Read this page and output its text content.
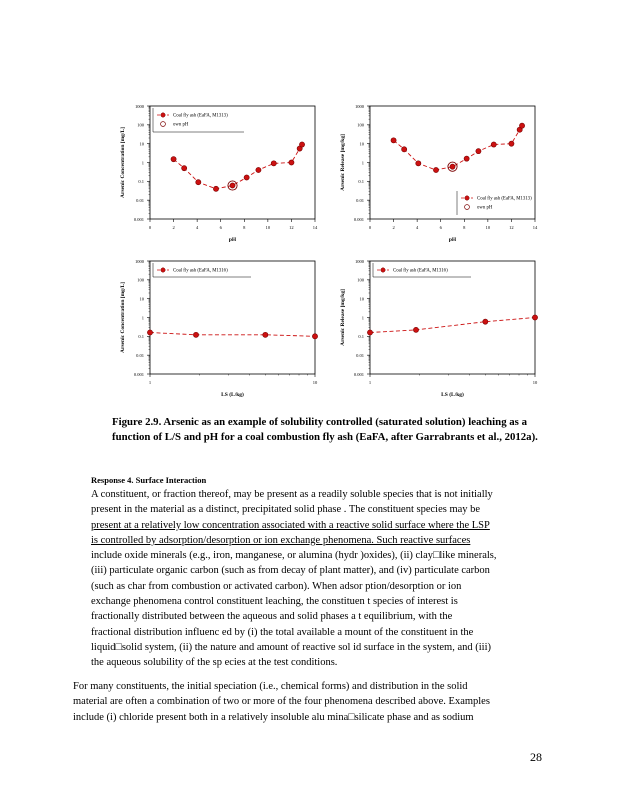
0.001
0.01
0.1
1
10
100
1000
0	2	4	6	8	10	12	14
pH
Arsenic Concentration [mg/L]
Coal fly ash (EaFA, M1313)
own pH
0.001
0.01
0.1
1
10
100
1000
0	2	4	6	8	10	12	14
pH
Arsenic Release [mg/kg]
Coal fly ash (EaFA, M1313)
own pH
0.001
0.01
0.1
1
10
100
1000
1	10
LS (L/kg)
Arsenic Concentration [mg/L]
Coal fly ash (EaFA, M1316)
0.001
0.01
0.1
1
10
100
1000
1	10
LS (L/kg)
Arsenic Release [mg/kg]
Coal fly ash (EaFA, M1316)

Figure 2.9. Arsenic as an example of solubility controlled (saturated solution) leaching as a

function of L/S and pH for a coal combustion fly ash (EaFA, after Garrabrants et al., 2012a).

Response 4. Surface Interaction

A constituent, or fraction thereof, may be present as a readily soluble species that is not initially

present in the material as a distinct, precipitated solid phase . The constituent species may be

present at a relatively low concentration associated with a reactive solid surface where the LSP

is controlled by adsorption/desorption or ion exchange phenomena. Such reactive surfaces

include oxide minerals (e.g., iron, manganese, or alumina (hydr )oxides), (ii) clay□like minerals,

(iii) particulate organic carbon (such as from decay of plant matter), and (iv) particulate carbon

(such as char from combustion or activated carbon). When adsor ption/desorption or ion

exchange phenomena control constituent leaching, the constituen t species of interest is

fractionally distributed between the aqueous and solid phases a t equilibrium, with the

fractional distribution influenc ed by (i) the total available a mount of the constituent in the

liquid□solid system, (ii) the nature and amount of reactive sol id surface in the system, and (iii)

the aqueous solubility of the sp ecies at the test conditions.

For many constituents, the initial speciation (i.e., chemical forms) and distribution in the solid

material are often a combination of two or more of the four phenomena described above. Examples

include (i) chloride present both in a relatively insoluble alu mina□silicate phase and as sodium

28
